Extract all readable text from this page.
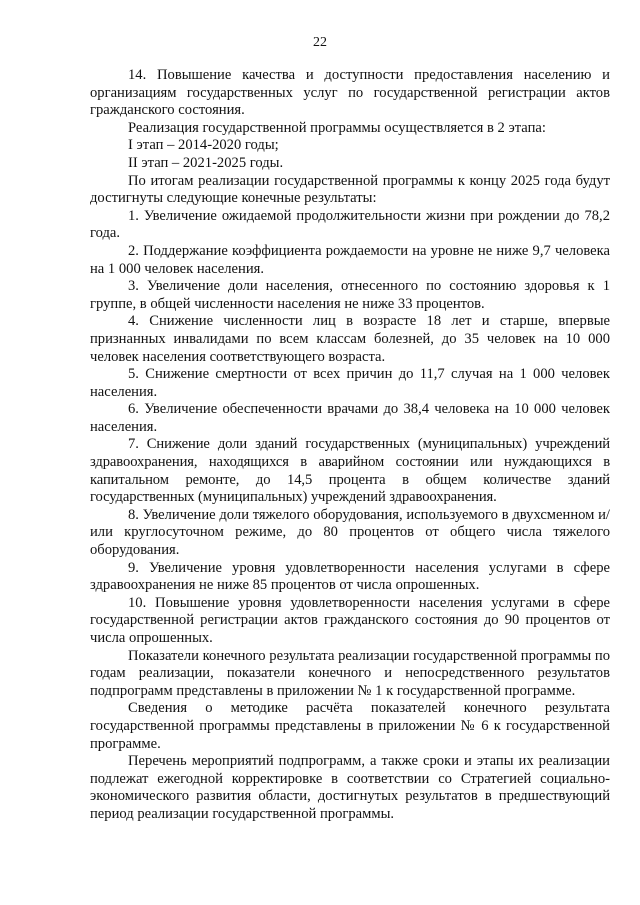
22

14. Повышение качества и доступности предоставления населению и организациям государственных услуг по государственной регистрации актов гражданского состояния.

Реализация государственной программы осуществляется в 2 этапа:

I этап – 2014-2020 годы;

II этап – 2021-2025 годы.

По итогам реализации государственной программы к концу 2025 года будут достигнуты следующие конечные результаты:

1. Увеличение ожидаемой продолжительности жизни при рождении до 78,2 года.

2. Поддержание коэффициента рождаемости на уровне не ниже 9,7 человека на 1 000 человек населения.

3. Увеличение доли населения, отнесенного по состоянию здоровья к 1 группе, в общей численности населения не ниже 33 процентов.

4. Снижение численности лиц в возрасте 18 лет и старше, впервые признанных инвалидами по всем классам болезней, до 35 человек на 10 000 человек населения соответствующего возраста.

5. Снижение смертности от всех причин до 11,7 случая на 1 000 человек населения.

6. Увеличение обеспеченности врачами до 38,4 человека на 10 000 человек населения.

7. Снижение доли зданий государственных (муниципальных) учреждений здравоохранения, находящихся в аварийном состоянии или нуждающихся в капитальном ремонте, до 14,5 процента в общем количестве зданий государственных (муниципальных) учреждений здравоохранения.

8. Увеличение доли тяжелого оборудования, используемого в двухсменном и/или круглосуточном режиме, до 80 процентов от общего числа тяжелого оборудования.

9. Увеличение уровня удовлетворенности населения услугами в сфере здравоохранения не ниже 85 процентов от числа опрошенных.

10. Повышение уровня удовлетворенности населения услугами в сфере государственной регистрации актов гражданского состояния до 90 процентов от числа опрошенных.

Показатели конечного результата реализации государственной программы по годам реализации, показатели конечного и непосредственного результатов подпрограмм представлены в приложении № 1 к государственной программе.

Сведения о методике расчёта показателей конечного результата государственной программы представлены в приложении № 6 к государственной программе.

Перечень мероприятий подпрограмм, а также сроки и этапы их реализации подлежат ежегодной корректировке в соответствии со Стратегией социально-экономического развития области, достигнутых результатов в предшествующий период реализации государственной программы.
